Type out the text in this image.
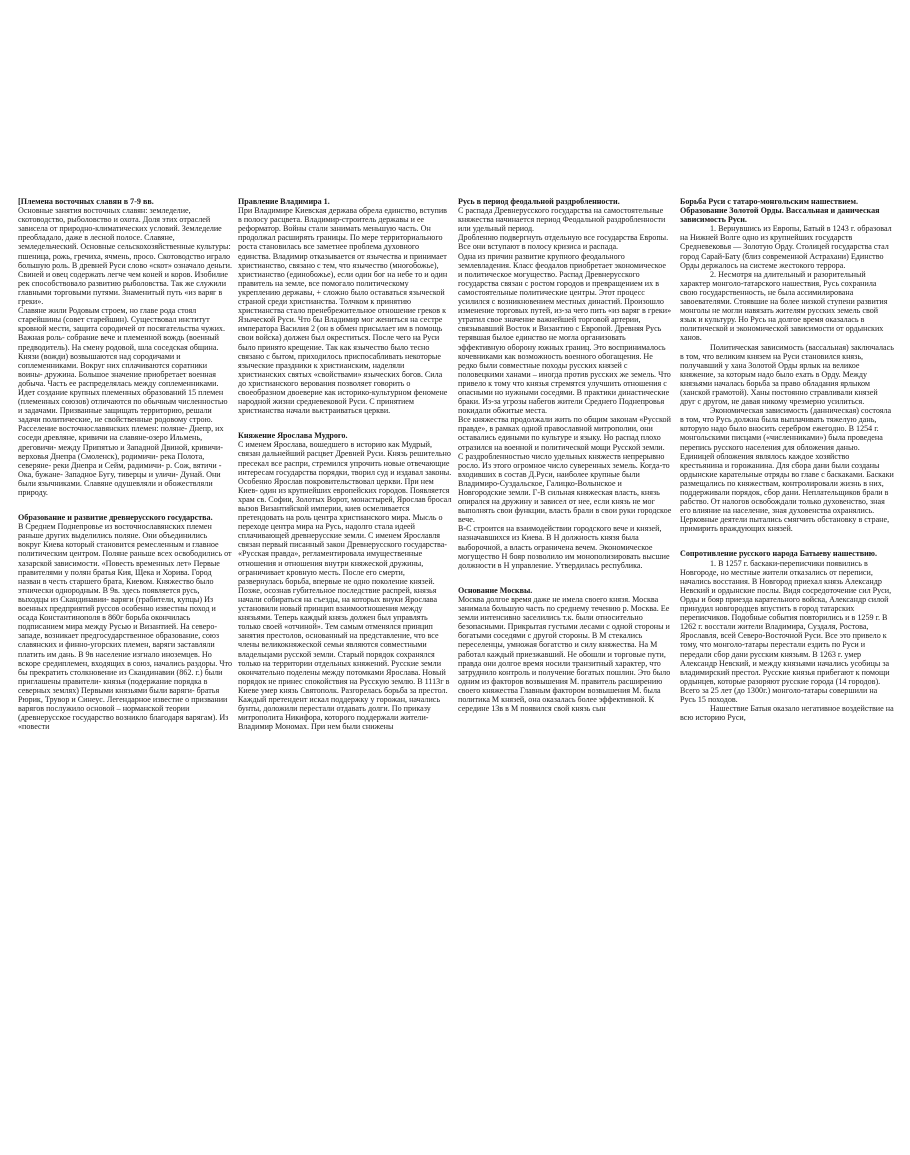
[Племена восточных славян в 7-9 вв.

Основные занятия восточных славян: земледелие, скотоводство, рыболовство и охота. Доля этих отраслей зависела от природно-климатических условий. Земледелие преобладало, даже в лесной полосе. Славяне, земледельческий. Основные сельскохозяйственные культуры: пшеница, рожь, гречиха, ячмень, просо. Скотоводство играло большую роль. В древней Руси слово «скот» означало деньги. Свиней и овец содержать легче чем коней и коров. Изобилие рек способствовало развитию рыболовства. Так же служили главными торговыми путями. Знаменитый путь «из варяг в греки».

Славяне жили Родовым строем, но главе рода стоял старейшины (совет старейшин). Существовал институт кровной мести, защита сородичей от посягательства чужих. Важная роль- собрание вече и племенной вождь (военный предводитель). На смену родовой, шла соседская община. Князи (вожди) возвышаются над сородичами и соплеменниками. Вокруг них сплачиваются соратники воины- дружина. Большое значение приобретает военная добыча. Часть ее распределялась между соплеменниками. Идет создание крупных племенных образований 15 племен (племенных союзов) отличаются по обычным численностью и задачами. Призванные защищать территорию, решали задачи политические, не свойственные родовому строю. Расселение восточнославянских племен: поляне- Днепр, их соседи древляне, кривичи на славяне-озеро Ильмень, дреговичи- между Припятью и Западной Двиной, кривичи- верховья Днепра (Смоленск), родимичи- река Полота, северяне- реки Днепра и Сейм, радимичи- р. Сож, вятичи - Ока, бужане- Западное Бугу, тиверцы и уличи- Дунай. Они были язычниками. Славяне одушевляли и обожествляли природу.

Образование и развитие древнерусского государства.

В Среднем Поднепровье из восточнославянских племен раньше других выделились поляне. Они объединились вокруг Киева который становится ремесленным и главное политическим центром. Поляне раньше всех освободились от хазарской зависимости. «Повесть временных лет» Первые правителями у полян братья Кия, Щека и Хорива. Город назван в честь старшего брата, Киевом. Княжество было этнически однородным. В 9в. здесь появляется русь, выходцы из Скандинавии- варяги (грабители, купцы) Из военных предприятий руссов особенно известны поход и осада Константинополя в 860г борьба окончилась подписанием мира между Русью и Византией. На северо-западе, возникает предгосударственное образование, союз славянских и финно-угорских племен, варяги заставляли платить им дань. В 9в население изгнало иноземцев. Но вскоре средиплемен, входящих в союз, начались раздоры. Что бы прекратить столкновение из Скандинавии (862. г.) были приглашены правители- князья (подержание порядка в северных землях) Первыми князьями были варяги- братья Рюрик, Трувор и Синеус. Легендарное известие о призвании варягов послужило основой – норманской теории (древнерусское государство возникло благодаря варягам). Из «повести

Правление Владимира 1.

При Владимире Киевская держава обрела единство, вступив в полосу расцвета. Владимир-строитель державы и ее реформатор. Войны стали занимать меньшую часть. Он продолжал расширять границы. По мере территориального роста становилась все заметнее проблема духовного единства. Владимир отказывается от язычества и принимает христианство, связано с тем, что язычество (многобожье), христианство (единобожье), если один бог на небе то и один правитель на земле, все помогало политическому укреплению державы, + сложно было оставаться языческой страной среди христианства. Толчком к принятию христианства стало пренебрежительное отношение греков к Языческой Руси. Что бы Владимир мог жениться на сестре императора Василия 2 (он в обмен присылает им в помощь свои войска) должен был окреститься. После чего на Руси было принято крещение. Так как язычество было тесно связано с бытом, приходилось приспосабливать некоторые языческие праздники к христианским, наделяли христианских святых «свойствами» языческих богов. Сила до христианского верования позволяет говорить о своеобразном двоеверие как историко-культурном феномене народной жизни средневековой Руси. С принятием христианства начали выстраиваться церкви.

Княжение Ярослава Мудрого.

С именем Ярослава, вошедшего в историю как Мудрый, связан дальнейший расцвет Древней Руси. Князь решительно пресекал все распри, стремился упрочить новые отвечающие интересам государства порядки, творил суд и издавал законы. Особенно Ярослав покровительствовал церкви. При нем Киев- один из крупнейших европейских городов. Появляется храм св. Софии, Золотых Ворот, монастырей, Ярослав бросал вызов Византийской империи, киев осмеливается претендовать на роль центра христианского мира. Мысль о переходе центра мира на Русь, надолго стала идеей сплачивающей древнерусские земли. С именем Ярославля связан первый писанный закон Древнерусского государства- «Русская правда», регламентировала имущественные отношения и отношения внутри княжеской дружины, ограничивает кровную месть. После его смерти, развернулась борьба, впервые не одно поколение князей. Позже, осознав губительное последствие распрей, князья начали собираться на съезды, на которых внуки Ярослава установили новый принцип взаимоотношения между князьями. Теперь каждый князь должен был управлять только своей «отчиной». Тем самым отменялся принцип занятия престолов, основанный на представление, что все члены великокняжеской семьи являются совместными владельцами русской земли. Старый порядок сохранялся только на территории отдельных княжений. Русские земли окончательно поделены между потомками Ярослава. Новый порядок не принес спокойствия на Русскую землю. В 1113г в Киеве умер князь Святополк. Разгорелась борьба за престол. Каждый претендент искал поддержку у горожан, начались бунты, доложили перестали отдавать долги. По приказу митрополита Никифора, которого поддержали жители- Владимир Мономах. При нем были снижены

Русь в период феодальной раздробленности.

С распада Древнерусского государства на самостоятельные княжества начинается период Феодальной раздробленности или удельный период.

Дробленню подвергнуть отдельную все государства Европы. Все они вступают в полосу кризиса и распада.

Одна из причин развитие крупного феодального землевладения. Класс феодалов приобретает экономическое и политическое могущество. Распад Древнерусского государства связан с ростом городов и превращением их в самостоятельные политические центры. Этот процесс усилился с возникновением местных династий. Произошло изменение торговых путей, из-за чего пить «из варяг в греки» утратил свое значение важнейшей торговой артерии, связывавший Восток и Византию с Европой. Древняя Русь терявшая былое единство не могла организовать эффективную оборону южных границ. Это воспринималось кочевниками как возможность военного обогащения. Не редко были совместные походы русских князей с половецкими ханами – иногда против русских же земель. Что привело к тому что князья стремятся улучшить отношения с опасными но нужными соседями. В практики династические браки. Из-за угрозы набегов жители Среднего Поднепровья покидали обжитые места.

Все княжества продолжали жить по общим законам «Русской правде», в рамках одной православной митрополии, они оставались едиными по культуре и языку. Но распад плохо отразился на военной и политической мощи Русской земли. С раздробленностью число удельных княжеств непрерывно росло. Из этого огромное число суверенных земель. Когда-то входивших в состав Д.Руси, наиболее крупные были Владимиро-Суздальское, Галицко-Волынское и Новгородские земли. Г-В сильная княжеская власть, князь опирался на дружину и зависел от нее, если князь не мог выполнять свои функции, власть брали в свои руки городское вече.

В-С строится на взаимодействии городского вече и князей, назначавшихся из Киева. В Н должность князя была выборочной, а власть ограничена вечем. Экономическое могущество Н бояр позволило им монополизировать высшие должности в Н управление. Утвердилась республика.

Основание Москвы.

Москва долгое время даже не имела своего князя. Москва занимала большую часть по среднему течению р. Москва. Ее земли интенсивно заселились т.к. были относительно безопасными. Прикрытая густыми лесами с одной стороны и богатыми соседями с другой стороны. В М стекались переселенцы, умножая богатство и силу княжества. На М работал каждый приезжавший. Не обошли и торговые пути, правда они долгое время носили транзитный характер, что затруднило контроль и получение богатых пошлин. Это было одним из факторов возвышения М. правитель расширению своего княжества Главным фактором возвышения М. была политика М князей, она оказалась более эффективной. К середине 13в в М появился свой князь сын

Борьба Руси с татаро-монгольским нашествием. Образование Золотой Орды. Вассальная и даническая зависимость Руси.

1. Вернувшись из Европы, Батый в 1243 г. образовал на Нижней Волге одно из крупнейших государств Средневековья — Золотую Орду. Столицей государства стал город Сарай-Бату (близ современной Астрахани) Единство Орды держалось на системе жестокого террора.

2. Несмотря на длительный и разорительный характер монголо-татарского нашествия, Русь сохранила свою государственность, не была ассимилирована завоевателями. Стоявшие на более низкой ступени развития монголы не могли навязать жителям русских земель свой язык и культуру. Но Русь на долгое время оказалась в политической и экономической зависимости от ордынских ханов.

Политическая зависимость (вассальная) заключалась в том, что великим князем на Руси становился князь, получавший у хана Золотой Орды ярлык на великое княжение, за которым надо было ехать в Орду. Между князьями началась борьба за право обладания ярлыком (ханской грамотой). Ханы постоянно стравливали князей друг с другом, не давая никому чрезмерно усилиться.

Экономическая зависимость (данническая) состояла в том, что Русь должна была выплачивать тяжелую дань, которую надо было вносить серебром ежегодно. В 1254 г. монгольскими писцами («численниками») была проведена перепись русского населения для обложения данью. Единицей обложения являлось каждое хозяйство крестьянина и горожанина. Для сбора дани были созданы ордынские карательные отряды во главе с баскаками. Баскаки размещались по княжествам, контролировали жизнь в них, поддерживали порядок, сбор дани. Неплательщиков брали в рабство. От налогов освобождали только духовенство, зная его влияние на население, зная духовенства охранялись. Церковные деятели пытались смягчить обстановку в стране, примирить враждующих князей.

Сопротивление русского народа Батыеву нашествию.

1. В 1257 г. баскаки-переписчики появились в Новгороде, но местные жители отказались от переписи, начались восстания. В Новгород приехал князь Александр Невский и ордынские послы. Видя сосредоточение сил Руси, Орды и бояр приезда карательного войска, Александр силой принудил новгородцев впустить в город татарских переписчиков. Подобные события повторились и в 1259 г. В 1262 г. восстали жители Владимира, Суздаля, Ростова, Ярославля, всей Северо-Восточной Руси. Все это привело к тому, что монголо-татары перестали ездить по Руси и передали сбор дани русским князьям. В 1263 г. умер Александр Невский, и между князьями начались усобицы за владимирский престол. Русские князья прибегают к помощи ордынцев, которые разоряют русские города (14 городов). Всего за 25 лет (до 1300г.) монголо-татары совершили на Русь 15 походов.

Нашествие Батыя оказало негативное воздействие на всю историю Руси,
